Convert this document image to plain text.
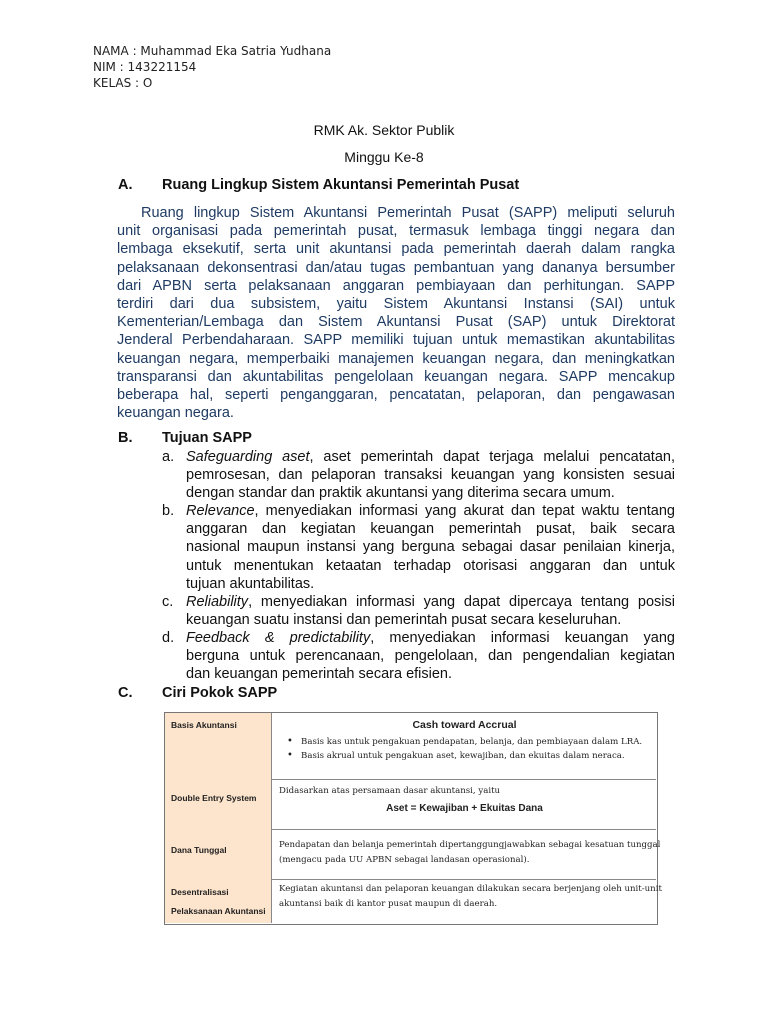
NAMA : Muhammad Eka Satria Yudhana
NIM : 143221154
KELAS : O
RMK Ak. Sektor Publik
Minggu Ke-8
A. Ruang Lingkup Sistem Akuntansi Pemerintah Pusat
Ruang lingkup Sistem Akuntansi Pemerintah Pusat (SAPP) meliputi seluruh
unit organisasi pada pemerintah pusat, termasuk lembaga tinggi negara dan
lembaga eksekutif, serta unit akuntansi pada pemerintah daerah dalam rangka
pelaksanaan dekonsentrasi dan/atau tugas pembantuan yang dananya bersumber
dari APBN serta pelaksanaan anggaran pembiayaan dan perhitungan. SAPP
terdiri dari dua subsistem, yaitu Sistem Akuntansi Instansi (SAI) untuk
Kementerian/Lembaga dan Sistem Akuntansi Pusat (SAP) untuk Direktorat
Jenderal Perbendaharaan. SAPP memiliki tujuan untuk memastikan akuntabilitas
keuangan negara, memperbaiki manajemen keuangan negara, dan meningkatkan
transparansi dan akuntabilitas pengelolaan keuangan negara. SAPP mencakup
beberapa hal, seperti penganggaran, pencatatan, pelaporan, dan pengawasan
keuangan negara.
B. Tujuan SAPP
a. Safeguarding aset, aset pemerintah dapat terjaga melalui pencatatan,
pemrosesan, dan pelaporan transaksi keuangan yang konsisten sesuai
dengan standar dan praktik akuntansi yang diterima secara umum.
b. Relevance, menyediakan informasi yang akurat dan tepat waktu tentang
anggaran dan kegiatan keuangan pemerintah pusat, baik secara
nasional maupun instansi yang berguna sebagai dasar penilaian kinerja,
untuk menentukan ketaatan terhadap otorisasi anggaran dan untuk
tujuan akuntabilitas.
c. Reliability, menyediakan informasi yang dapat dipercaya tentang posisi
keuangan suatu instansi dan pemerintah pusat secara keseluruhan.
d. Feedback & predictability, menyediakan informasi keuangan yang
berguna untuk perencanaan, pengelolaan, dan pengendalian kegiatan
dan keuangan pemerintah secara efisien.
C. Ciri Pokok SAPP
Basis Akuntansi	Cash toward Accrual
• Basis kas untuk pengakuan pendapatan, belanja, dan pembiayaan dalam LRA.
• Basis akrual untuk pengakuan aset, kewajiban, dan ekuitas dalam neraca.
Double Entry System
Didasarkan atas persamaan dasar akuntansi, yaitu
Aset = Kewajiban + Ekuitas Dana
Dana Tunggal	Pendapatan dan belanja pemerintah dipertanggungjawabkan sebagai kesatuan tunggal
(mengacu pada UU APBN sebagai landasan operasional).
Desentralisasi
Pelaksanaan Akuntansi
Kegiatan akuntansi dan pelaporan keuangan dilakukan secara berjenjang oleh unit-unit
akuntansi baik di kantor pusat maupun di daerah.
